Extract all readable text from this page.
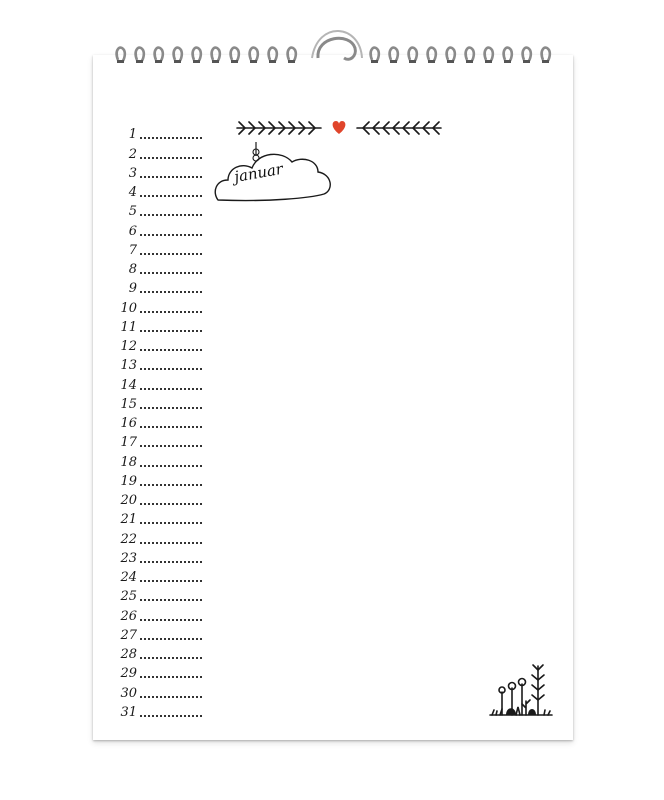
1
2
3
4
5
6
7
8
9
10
11
12
13
14
15
16
17
18
19
20
21
22
23
24
25
26
27
28
29
30
31
januar
